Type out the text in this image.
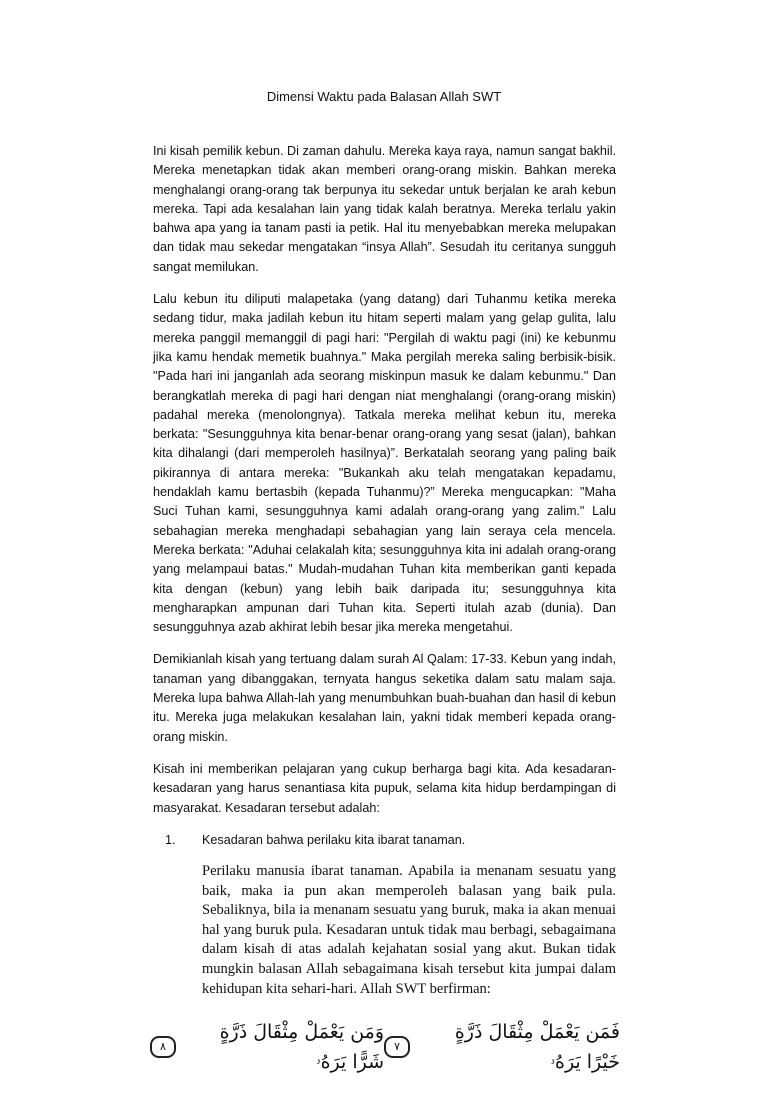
Dimensi Waktu pada Balasan Allah SWT

Ini kisah pemilik kebun. Di zaman dahulu. Mereka kaya raya, namun sangat bakhil. Mereka menetapkan tidak akan memberi orang-orang miskin. Bahkan mereka menghalangi orang-orang tak berpunya itu sekedar untuk berjalan ke arah kebun mereka. Tapi ada kesalahan lain yang tidak kalah beratnya. Mereka terlalu yakin bahwa apa yang ia tanam pasti ia petik. Hal itu menyebabkan mereka melupakan dan tidak mau sekedar mengatakan “insya Allah”. Sesudah itu ceritanya sungguh sangat memilukan.

Lalu kebun itu diliputi malapetaka (yang datang) dari Tuhanmu ketika mereka sedang tidur, maka jadilah kebun itu hitam seperti malam yang gelap gulita, lalu mereka panggil memanggil di pagi hari: "Pergilah di waktu pagi (ini) ke kebunmu jika kamu hendak memetik buahnya." Maka pergilah mereka saling berbisik-bisik. "Pada hari ini janganlah ada seorang miskinpun masuk ke dalam kebunmu." Dan berangkatlah mereka di pagi hari dengan niat menghalangi (orang-orang miskin) padahal mereka (menolongnya). Tatkala mereka melihat kebun itu, mereka berkata: "Sesungguhnya kita benar-benar orang-orang yang sesat (jalan), bahkan kita dihalangi (dari memperoleh hasilnya)”. Berkatalah seorang yang paling baik pikirannya di antara mereka: "Bukankah aku telah mengatakan kepadamu, hendaklah kamu bertasbih (kepada Tuhanmu)?” Mereka mengucapkan: "Maha Suci Tuhan kami, sesungguhnya kami adalah orang-orang yang zalim." Lalu sebahagian mereka menghadapi sebahagian yang lain seraya cela mencela. Mereka berkata: "Aduhai celakalah kita; sesungguhnya kita ini adalah orang-orang yang melampaui batas." Mudah-mudahan Tuhan kita memberikan ganti kepada kita dengan (kebun) yang lebih baik daripada itu; sesungguhnya kita mengharapkan ampunan dari Tuhan kita. Seperti itulah azab (dunia). Dan sesungguhnya azab akhirat lebih besar jika mereka mengetahui.

Demikianlah kisah yang tertuang dalam surah Al Qalam: 17-33. Kebun yang indah, tanaman yang dibanggakan, ternyata hangus seketika dalam satu malam saja. Mereka lupa bahwa Allah-lah yang menumbuhkan buah-buahan dan hasil di kebun itu. Mereka juga melakukan kesalahan lain, yakni tidak memberi kepada orang-orang miskin.

Kisah ini memberikan pelajaran yang cukup berharga bagi kita. Ada kesadaran-kesadaran yang harus senantiasa kita pupuk, selama kita hidup berdampingan di masyarakat. Kesadaran tersebut adalah:

1.	Kesadaran bahwa perilaku kita ibarat tanaman.
Perilaku manusia ibarat tanaman. Apabila ia menanam sesuatu yang baik, maka ia pun akan memperoleh balasan yang baik pula. Sebaliknya, bila ia menanam sesuatu yang buruk, maka ia akan menuai hal yang buruk pula. Kesadaran untuk tidak mau berbagi, sebagaimana dalam kisah di atas adalah kejahatan sosial yang akut. Bukan tidak mungkin balasan Allah sebagaimana kisah tersebut kita jumpai dalam kehidupan kita sehari-hari. Allah SWT berfirman:
فَمَن يَعْمَلْ مِثْقَالَ ذَرَّةٍ خَيْرًا يَرَهُۥ
٧
وَمَن يَعْمَلْ مِثْقَالَ ذَرَّةٍ شَرًّا يَرَهُۥ
٨
